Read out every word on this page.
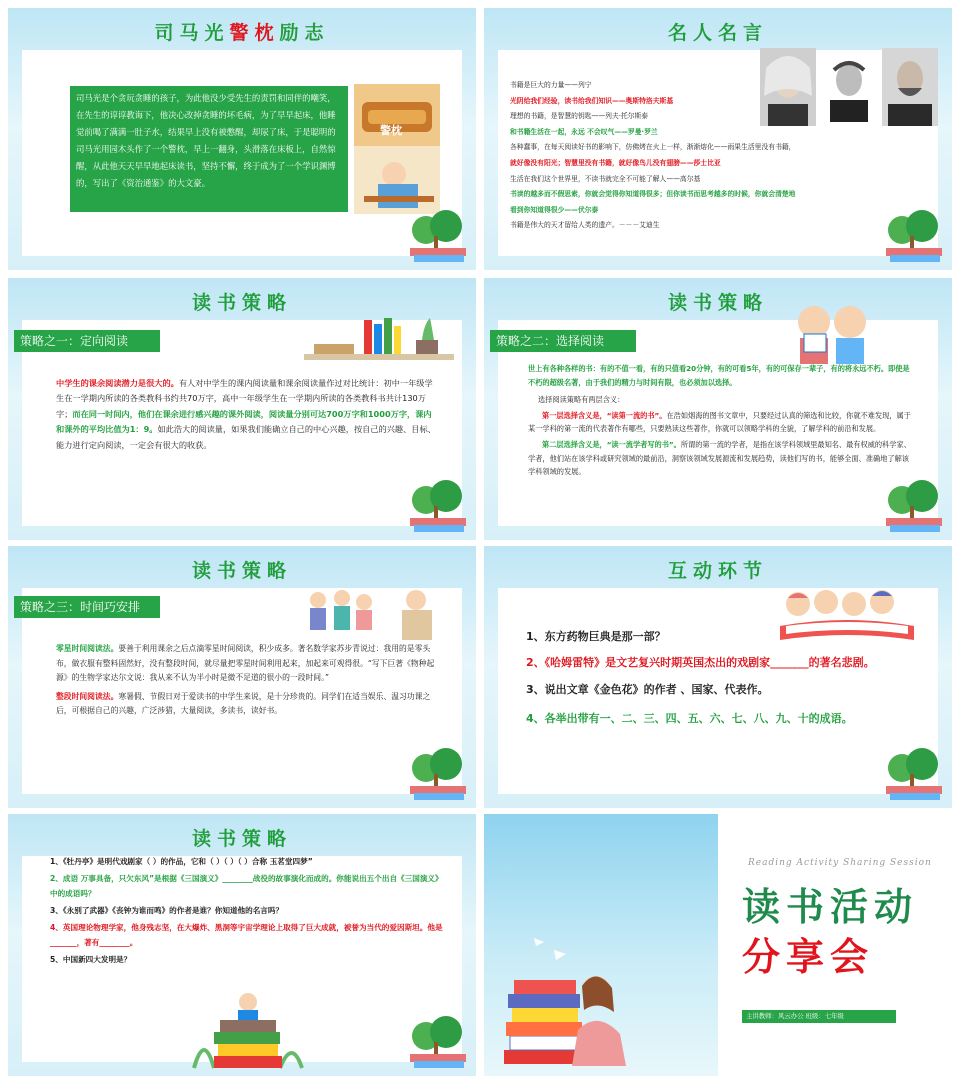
司马光警枕励志

司马光是个贪玩贪睡的孩子，为此他没少受先生的责罚和同伴的嘲笑，在先生的谆谆教诲下，他决心改掉贪睡的坏毛病，为了早早起床，他睡觉前喝了满满一肚子水，结果早上没有被憋醒，却尿了床，于是聪明的司马光用园木头作了一个警枕，早上一翻身，头滑落在床板上，自然惊醒，从此他天天早早地起床读书，坚持不懈，终于成为了一个学识渊博的，写出了《资治通鉴》的大文豪。

警枕
名人名言
书籍是巨大的力量——列宁
光阴给我们经验，读书给我们知识——奥斯特洛夫斯基
理想的书籍，是智慧的钥匙——列夫·托尔斯泰
和书籍生活在一起，永远 不会叹气——罗曼·罗兰
各种蠢事，在每天阅读好书的影响下，仿佛烤在火上一样，渐渐熔化——雨果生活里没有书籍，
就好像没有阳光；智慧里没有书籍，就好像鸟儿没有翅膀——莎士比亚
生活在我们这个世界里，不读书就完全不可能了解人——高尔基
书读的越多而不假思索，你就会觉得你知道得很多；但你读书而思考越多的时候，你就会清楚地
看到你知道得很少——伏尔泰
书籍是伟大的天才留给人类的遗产。－－－艾迪生
读书策略
策略之一：定向阅读

中学生的课余阅读潜力是很大的。有人对中学生的课内阅读量和课余阅读量作过对比统计：初中一年级学生在一学期内所读的各类教科书约共70万字，高中一年级学生在一学期内所读的各类教科书共计130万字；而在同一时间内，他们在课余进行感兴趣的课外阅读，阅读量分别可达700万字和1000万字，课内和课外的平均比值为1：9。如此浩大的阅读量，如果我们能确立自己的中心兴趣，按自己的兴趣、目标、能力进行定向阅读，一定会有很大的收获。

读书策略
策略之二：选择阅读

世上有各种各样的书：有的不值一看，有的只值看20分钟，有的可看5年，有的可保存一辈子，有的将永远不朽。即使是不朽的超级名著，由于我们的精力与时间有限，也必须加以选择。

选择阅读策略有两层含义：

第一层选择含义是，“读第一流的书”。在浩如烟海的图书文章中，只要经过认真的筛选和比较，你就不难发现，属于某一学科的第一流的代表著作有哪些，只要熟读这些著作，你就可以领略学科的全貌，了解学科的前沿和发展。

第二层选择含义是，“读一流学者写的书”。所谓的第一流的学者，是指在该学科领域里最知名、最有权威的科学家、学者，他们站在该学科或研究领域的最前沿，洞察该领域发展源流和发展趋势，读他们写的书，能够全面、准确地了解该学科领域的发展。

读书策略
策略之三：时间巧安排

零星时间阅读法。要善于利用课余之后点滴零星时间阅读，积少成多。著名数学家苏步青说过：我用的是零头布，做衣服有整料固然好，没有整段时间，就尽量把零星时间利用起来，加起来可观得很。“写下巨著《物种起源》的生物学家达尔文说：我从来不认为半小时是微不足道的很小的一段时间。”

整段时间阅读法。寒暑假、节假日对于爱读书的中学生来说，是十分珍贵的。同学们在适当娱乐、温习功课之后，可根据自己的兴趣，广泛涉猎，大量阅读，多读书，读好书。

互动环节

1、东方药物巨典是那一部？

2、《哈姆雷特》是文艺复兴时期英国杰出的戏剧家_______的著名悲剧。

3、说出文章《金色花》的作者 、国家、代表作。

4、各举出带有一、二、三、四、五、六、七、八、九、十的成语。

读书策略

1、《牡丹亭》是明代戏剧家（ ）的作品，它和（ ）（ ）（ ）合称 玉茗堂四梦”

2、成语 万事具备，只欠东风”是根据《三国演义》________战役的故事演化而成的。你能说出五个出自《三国演义》中的成语吗？

3、《永别了武器》《丧钟为谁而鸣》的作者是谁？你知道他的名言吗？

4、英国理论物理学家，他身残志坚，在大爆炸、黑洞等宇宙学理论上取得了巨大成就，被誉为当代的爱因斯坦。他是_______，著有________。

5、中国新四大发明是？

Reading Activity Sharing Session
读书活动
分享会
主讲教师：风云办公 班级：七年级
